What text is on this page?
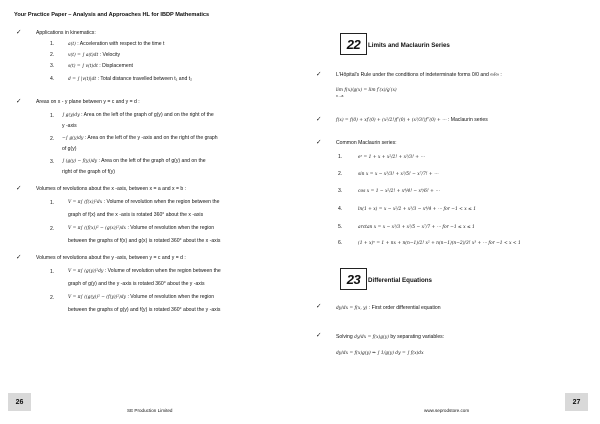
Your Practice Paper – Analysis and Approaches HL for IBDP Mathematics
✓	Applications in kinematics:
1.	a(t) : Acceleration with respect to the time t
2.	v(t) = ∫ a(t)dt : Velocity
3.	s(t) = ∫ v(t)dt : Displacement
4.	d = ∫ |v(t)|dt : Total distance travelled between t₁ and t₂
✓	Areas on x - y plane between y = c and y = d :
1. ∫ g(y)dy : Area on the left of the graph of g(y) and on the right of the
y -axis
2. −∫ g(y)dy : Area on the left of the y -axis and on the right of the graph
of g(y)
3. ∫ (g(y) − f(y))dy : Area on the left of the graph of g(y) and on the
right of the graph of f(y)
✓	Volumes of revolutions about the x -axis, between x = a and x = b :
1.	V = π∫ (f(x))²dx : Volume of revolution when the region between the
graph of f(x) and the x -axis is rotated 360° about the x -axis
2.	V = π∫ ((f(x))² − (g(x))²)dx : Volume of revolution when the region
between the graphs of f(x) and g(x) is rotated 360° about the x -axis
✓	Volumes of revolutions about the y -axis, between y = c and y = d :
1.	V = π∫ (g(y))²dy : Volume of revolution when the region between the
graph of g(y) and the y -axis is rotated 360° about the y -axis
2.	V = π∫ ((g(y))² − (f(y))²)dy : Volume of revolution when the region
between the graphs of g(y) and f(y) is rotated 360° about the y -axis
26
SE Production Limited
22	Limits and Maclaurin Series
✓	L'Hôpital's Rule under the conditions of indeterminate forms 0/0 and ∞/∞ :
lim f(x)/g(x) = lim f′(x)/g′(x)
x→a
✓	f(x) = f(0) + xf′(0) + (x²/2!)f″(0) + (x³/3!)f‴(0) + ⋯ : Maclaurin series
✓	Common Maclaurin series:
1.	eˣ = 1 + x + x²/2! + x³/3! + ⋯
2.	sin x = x − x³/3! + x⁵/5! − x⁷/7! + ⋯
3.	cos x = 1 − x²/2! + x⁴/4! − x⁶/6! + ⋯
4.	ln(1 + x) = x − x²/2 + x³/3 − x⁴/4 + ⋯ for −1 < x ≤ 1
5.	arctan x = x − x³/3 + x⁵/5 − x⁷/7 + ⋯ for −1 ≤ x ≤ 1
6.	(1 + x)ⁿ = 1 + nx + n(n−1)/2! x² + n(n−1)(n−2)/3! x³ + ⋯ for −1 < x < 1
23	Differential Equations
✓	dy/dx = f(x, y) : First order differential equation
✓	Solving dy/dx = f(x)g(y) by separating variables:
dy/dx = f(x)g(y) ⇒ ∫ 1/g(y) dy = ∫ f(x)dx
www.seprodstore.com
27
